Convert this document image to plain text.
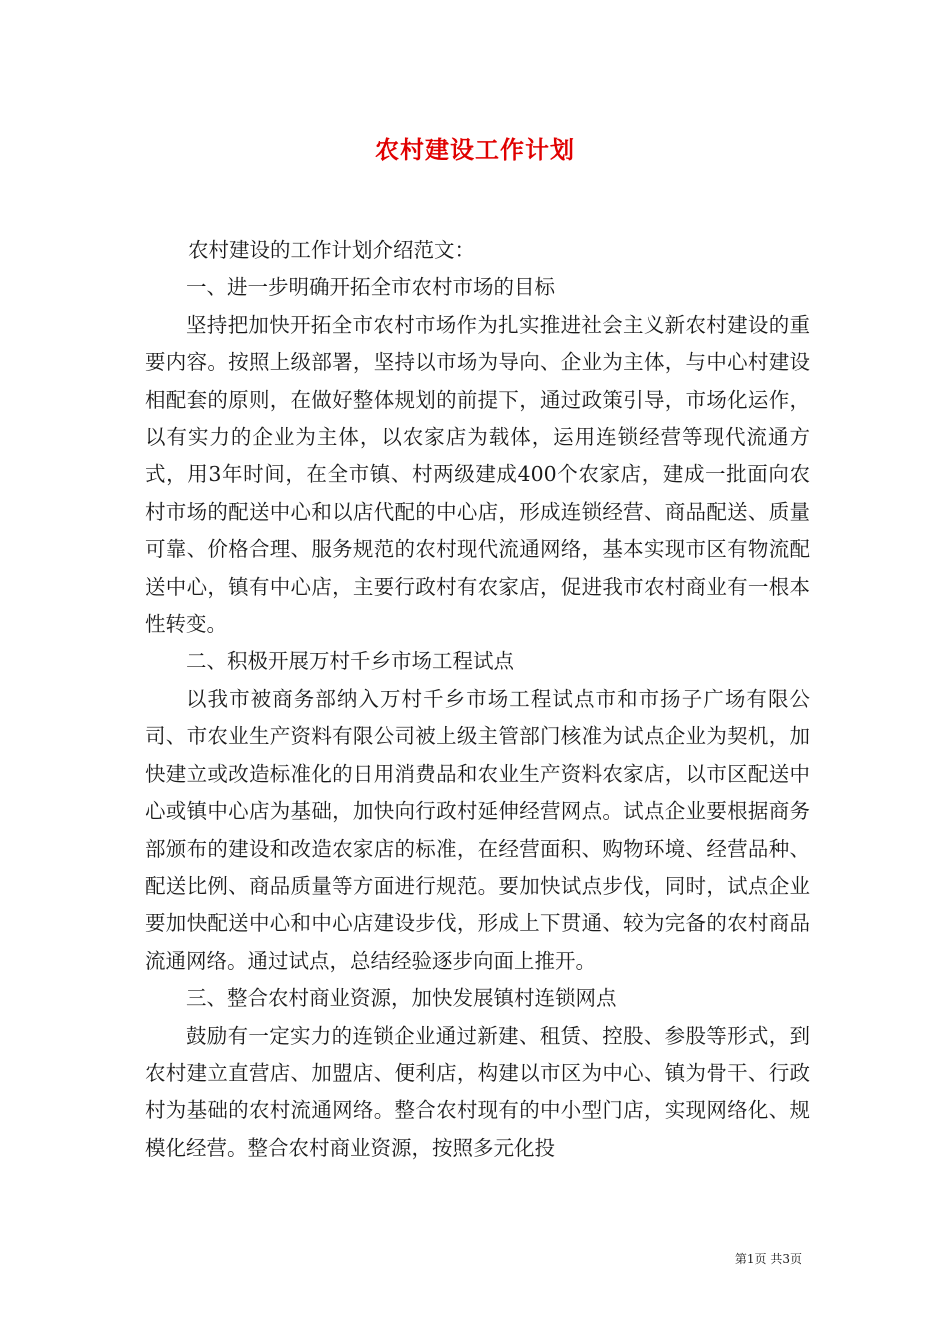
农村建设工作计划

农村建设的工作计划介绍范文：

一、进一步明确开拓全市农村市场的目标

坚持把加快开拓全市农村市场作为扎实推进社会主义新农村建设的重要内容。按照上级部署，坚持以市场为导向、企业为主体，与中心村建设相配套的原则，在做好整体规划的前提下，通过政策引导，市场化运作，以有实力的企业为主体，以农家店为载体，运用连锁经营等现代流通方式，用3年时间，在全市镇、村两级建成400个农家店，建成一批面向农村市场的配送中心和以店代配的中心店，形成连锁经营、商品配送、质量可靠、价格合理、服务规范的农村现代流通网络，基本实现市区有物流配送中心，镇有中心店，主要行政村有农家店，促进我市农村商业有一根本性转变。

二、积极开展万村千乡市场工程试点

以我市被商务部纳入万村千乡市场工程试点市和市扬子广场有限公司、市农业生产资料有限公司被上级主管部门核准为试点企业为契机，加快建立或改造标准化的日用消费品和农业生产资料农家店，以市区配送中心或镇中心店为基础，加快向行政村延伸经营网点。试点企业要根据商务部颁布的建设和改造农家店的标准，在经营面积、购物环境、经营品种、配送比例、商品质量等方面进行规范。要加快试点步伐，同时，试点企业要加快配送中心和中心店建设步伐，形成上下贯通、较为完备的农村商品流通网络。通过试点，总结经验逐步向面上推开。

三、整合农村商业资源，加快发展镇村连锁网点

鼓励有一定实力的连锁企业通过新建、租赁、控股、参股等形式，到农村建立直营店、加盟店、便利店，构建以市区为中心、镇为骨干、行政村为基础的农村流通网络。整合农村现有的中小型门店，实现网络化、规模化经营。整合农村商业资源，按照多元化投

第1页 共3页
